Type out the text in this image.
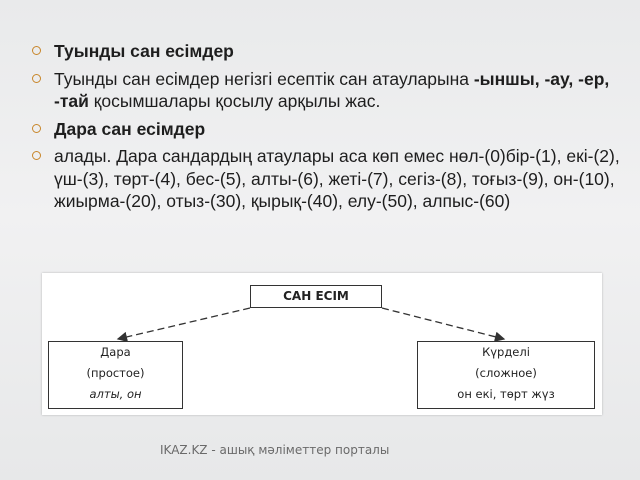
Туынды сан есімдер
Туынды сан есімдер негізгі есептік сан атауларына -ыншы, -ау, -ер, -тай қосымшалары қосылу арқылы жас.
Дара сан есімдер
алады. Дара сандардың атаулары аса көп емес нөл-(0)бір-(1), екі-(2), үш-(3), төрт-(4), бес-(5), алты-(6), жеті-(7), сегіз-(8), тоғыз-(9), он-(10), жиырма-(20), отыз-(30), қырық-(40), елу-(50), алпыс-(60)
САН ЕСІМ
Дара
(простое)
алты, он
Күрделі
(сложное)
он екі, төрт жүз
IKAZ.KZ - ашық мәліметтер порталы
